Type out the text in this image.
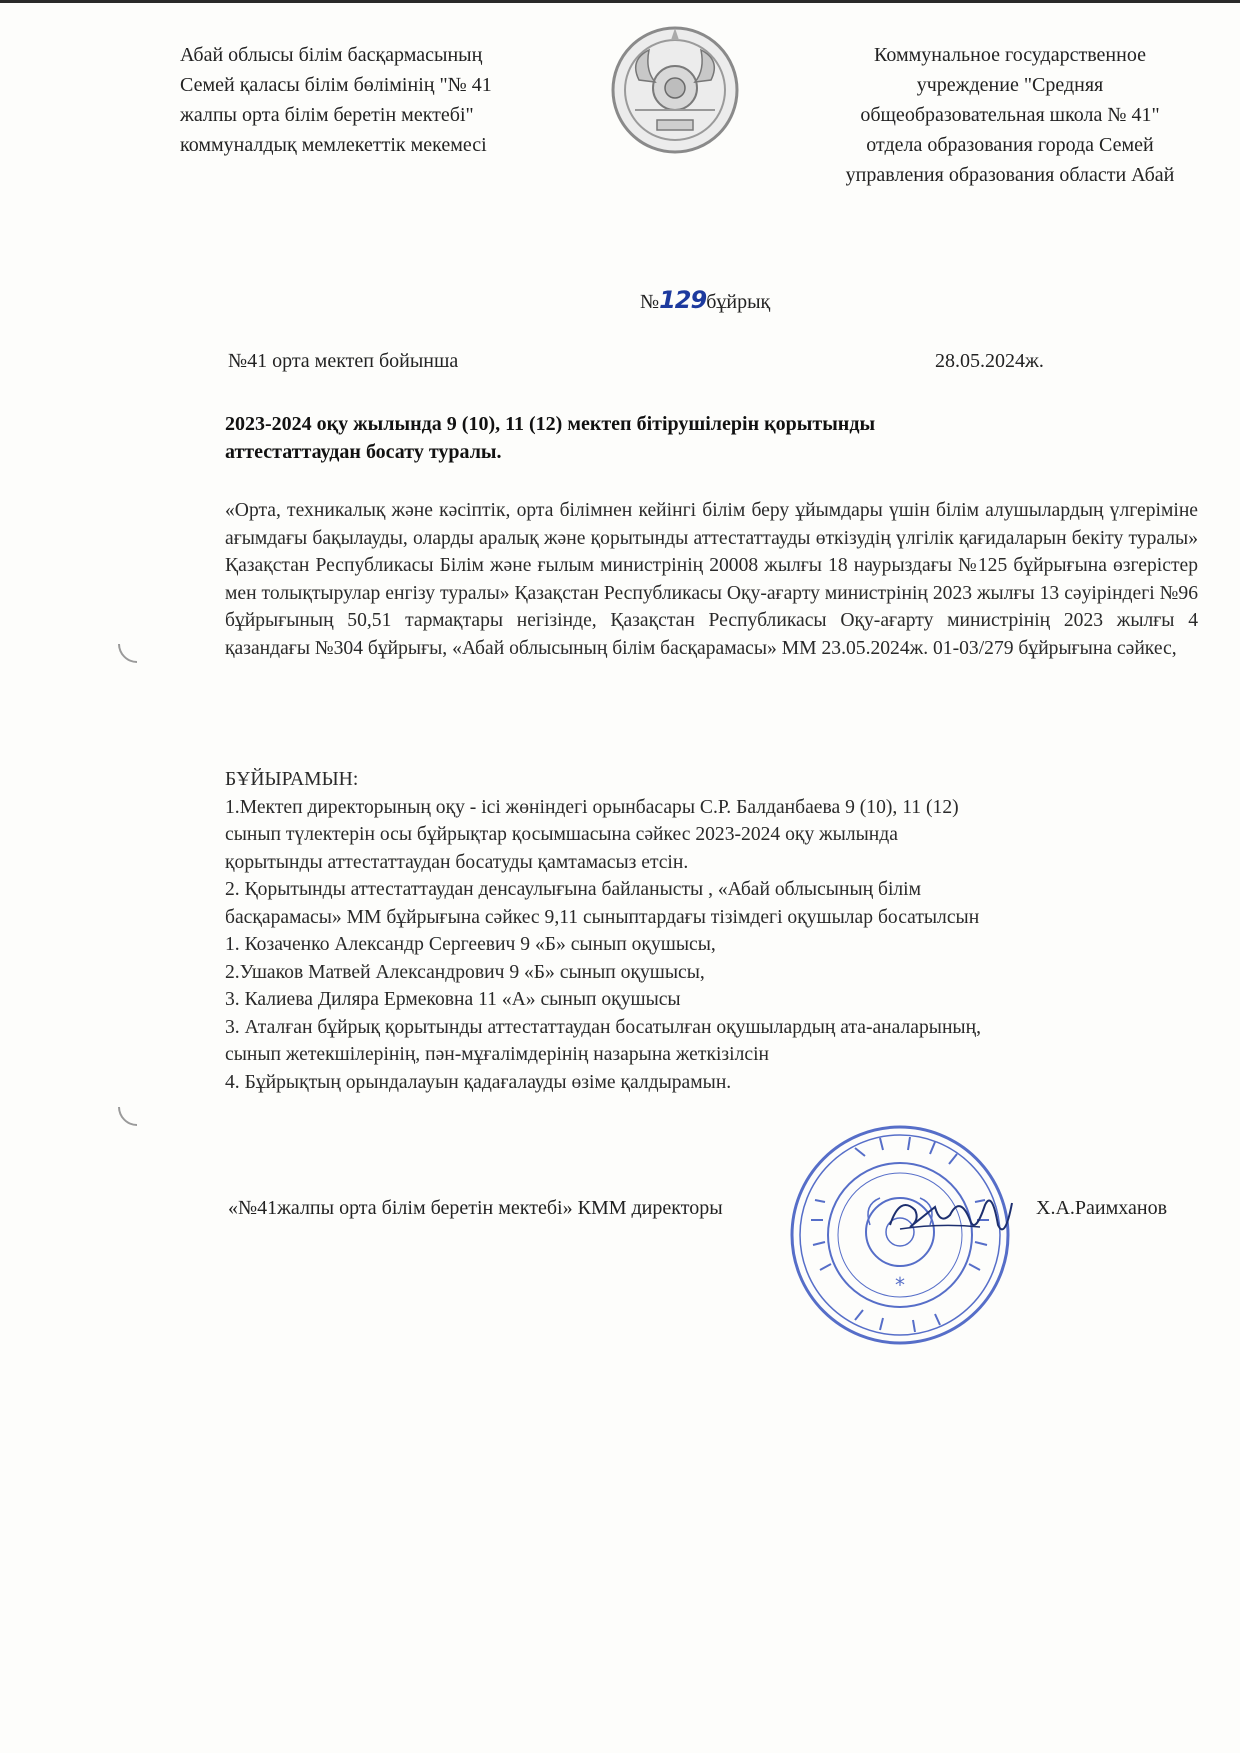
Абай облысы білім басқармасының
Семей қаласы білім бөлімінің "№ 41
жалпы орта білім беретін мектебі"
коммуналдық мемлекеттік мекемесі
Коммунальное государственное
учреждение "Средняя
общеобразовательная школа № 41"
отдела образования города Семей
управления образования области Абай
№129бұйрық
№41 орта мектеп бойынша	28.05.2024ж.
2023-2024 оқу жылында 9 (10), 11 (12) мектеп бітірушілерін қорытынды
аттестаттаудан босату туралы.

«Орта, техникалық және кәсіптік, орта білімнен кейінгі білім беру ұйымдары үшін білім алушылардың үлгеріміне ағымдағы бақылауды, оларды аралық және қорытынды аттестаттауды өткізудің үлгілік қағидаларын бекіту туралы» Қазақстан Республикасы Білім және ғылым министрінің 20008 жылғы 18 наурыздағы №125 бұйрығына өзгерістер мен толықтырулар енгізу туралы» Қазақстан Республикасы Оқу-ағарту министрінің 2023 жылғы 13 сәуіріндегі №96 бұйрығының 50,51 тармақтары негізінде, Қазақстан Республикасы Оқу-ағарту министрінің 2023 жылғы 4 қазандағы №304 бұйрығы, «Абай облысының білім басқарамасы» ММ 23.05.2024ж. 01-03/279 бұйрығына сәйкес,

БҰЙЫРАМЫН:
1.Мектеп директорының оқу - ісі жөніндегі орынбасары С.Р. Балданбаева 9 (10), 11 (12)
сынып түлектерін осы бұйрықтар қосымшасына сәйкес 2023-2024 оқу жылында
қорытынды аттестаттаудан босатуды қамтамасыз етсін.
2. Қорытынды аттестаттаудан денсаулығына байланысты , «Абай облысының білім
басқарамасы» ММ бұйрығына сәйкес 9,11 сыныптардағы тізімдегі оқушылар босатылсын
1. Козаченко Александр Сергеевич 9 «Б» сынып оқушысы,
2.Ушаков Матвей Александрович 9 «Б» сынып оқушысы,
3. Калиева Диляра Ермековна 11 «А» сынып оқушысы
3. Аталған бұйрық қорытынды аттестаттаудан босатылған оқушылардың ата-аналарының,
сынып жетекшілерінің, пән-мұғалімдерінің назарына жеткізілсін
4. Бұйрықтың орындалауын қадағалауды өзіме қалдырамын.
*
«№41жалпы орта білім беретін мектебі» КММ директоры	Х.А.Раимханов
